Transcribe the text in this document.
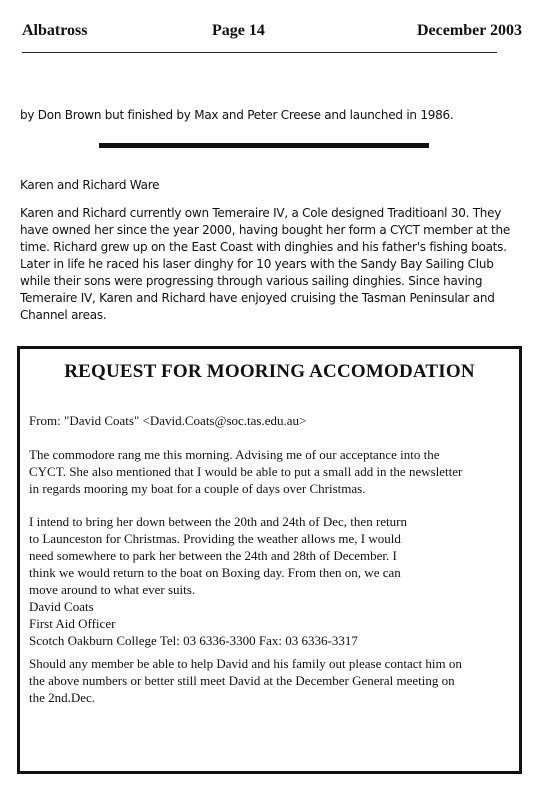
Albatross	Page 14	December 2003
by Don Brown but finished by Max and Peter Creese and launched in 1986.
Karen and Richard Ware
Karen and Richard currently own Temeraire IV, a Cole designed Traditioanl 30. They
have owned her since the year 2000, having bought her form a CYCT member at the
time. Richard grew up on the East Coast with dinghies and his father's fishing boats.
Later in life he raced his laser dinghy for 10 years with the Sandy Bay Sailing Club
while their sons were progressing through various sailing dinghies. Since having
Temeraire IV, Karen and Richard have enjoyed cruising the Tasman Peninsular and
Channel areas.
REQUEST FOR MOORING ACCOMODATION
From: "David Coats" <David.Coats@soc.tas.edu.au>
The commodore rang me this morning. Advising me of our acceptance into the
CYCT. She also mentioned that I would be able to put a small add in the newsletter
in regards mooring my boat for a couple of days over Christmas.
I intend to bring her down between the 20th and 24th of Dec, then return
to Launceston for Christmas. Providing the weather allows me, I would
need somewhere to park her between the 24th and 28th of December. I
think we would return to the boat on Boxing day. From then on, we can
move around to what ever suits.
David Coats
First Aid Officer
Scotch Oakburn College Tel: 03 6336-3300 Fax: 03 6336-3317
Should any member be able to help David and his family out please contact him on
the above numbers or better still meet David at the December General meeting on
the 2nd.Dec.
